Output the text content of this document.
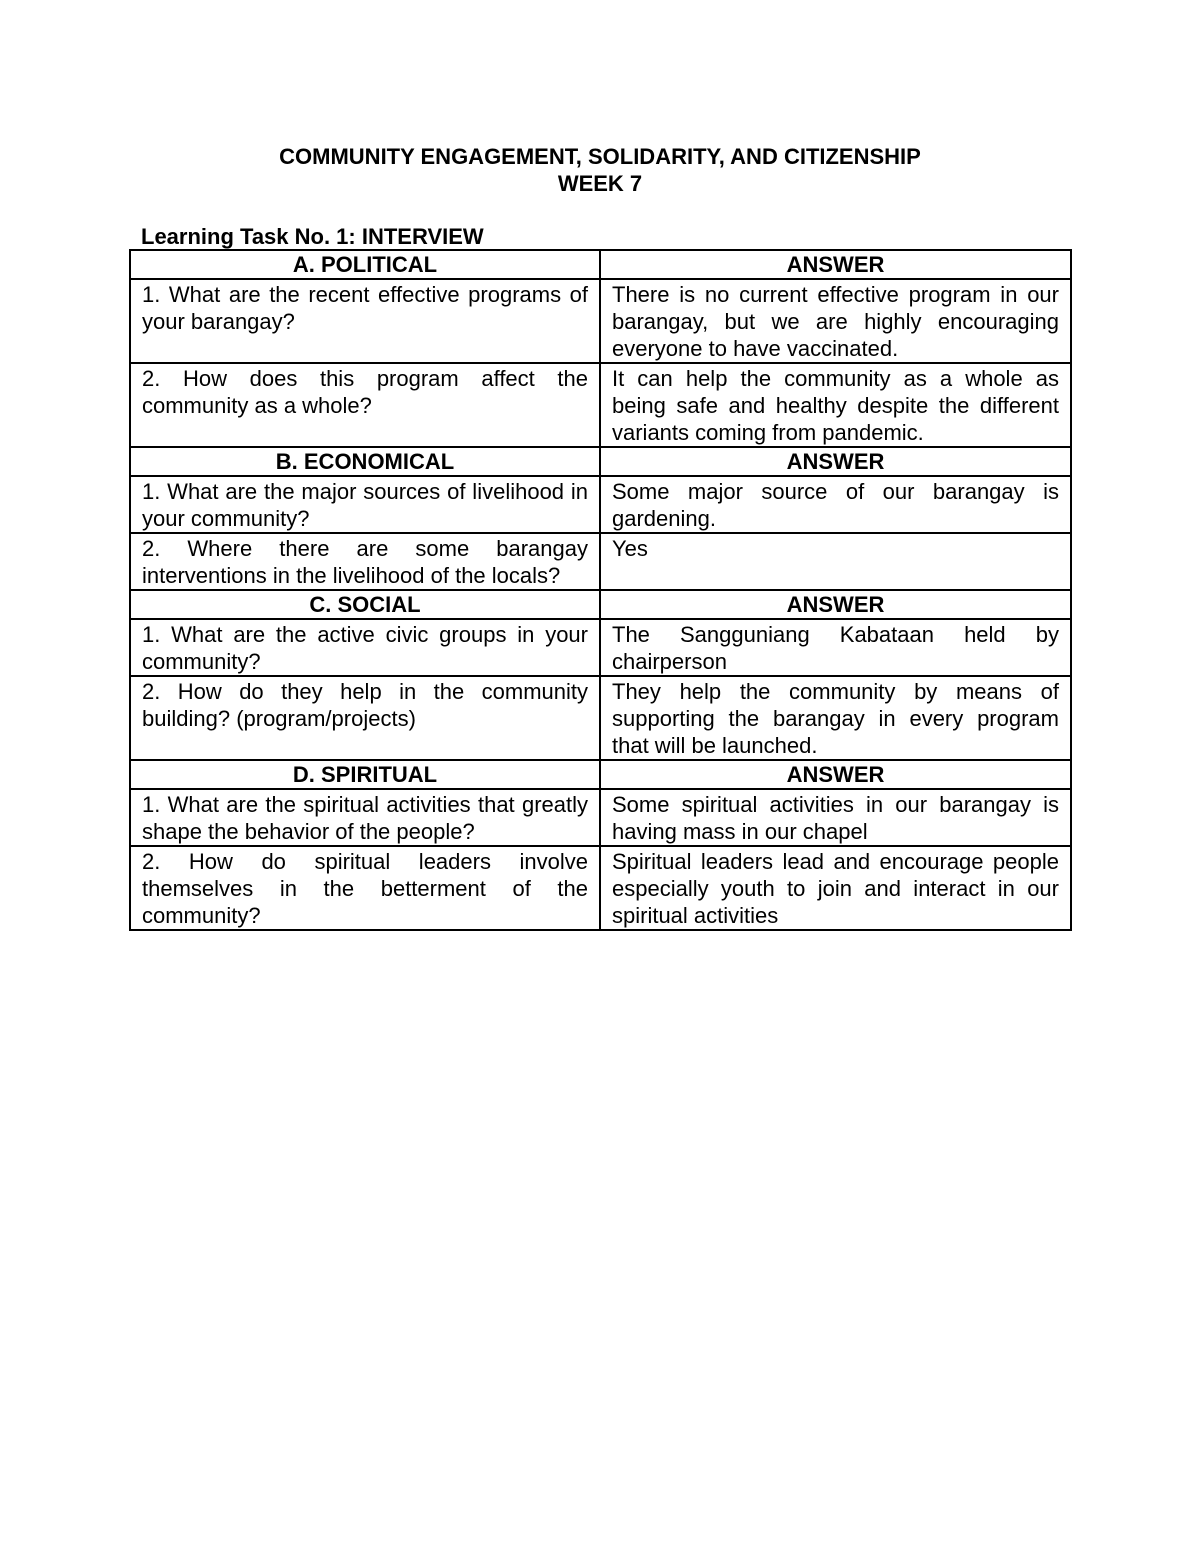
COMMUNITY ENGAGEMENT, SOLIDARITY, AND CITIZENSHIP
WEEK 7
Learning Task No. 1: INTERVIEW
A. POLITICAL	ANSWER
1. What are the recent effective programs of your barangay?	There is no current effective program in our barangay, but we are highly encouraging everyone to have vaccinated.
2. How does this program affect the community as a whole?	It can help the community as a whole as being safe and healthy despite the different variants coming from pandemic.
B. ECONOMICAL	ANSWER
1. What are the major sources of livelihood in your community?	Some major source of our barangay is gardening.
2. Where there are some barangay interventions in the livelihood of the locals?	Yes
C. SOCIAL	ANSWER
1. What are the active civic groups in your community?	The Sangguniang Kabataan held by chairperson
2. How do they help in the community building? (program/projects)	They help the community by means of supporting the barangay in every program that will be launched.
D. SPIRITUAL	ANSWER
1. What are the spiritual activities that greatly shape the behavior of the people?	Some spiritual activities in our barangay is having mass in our chapel
2. How do spiritual leaders involve themselves in the betterment of the community?	Spiritual leaders lead and encourage people especially youth to join and interact in our spiritual activities
